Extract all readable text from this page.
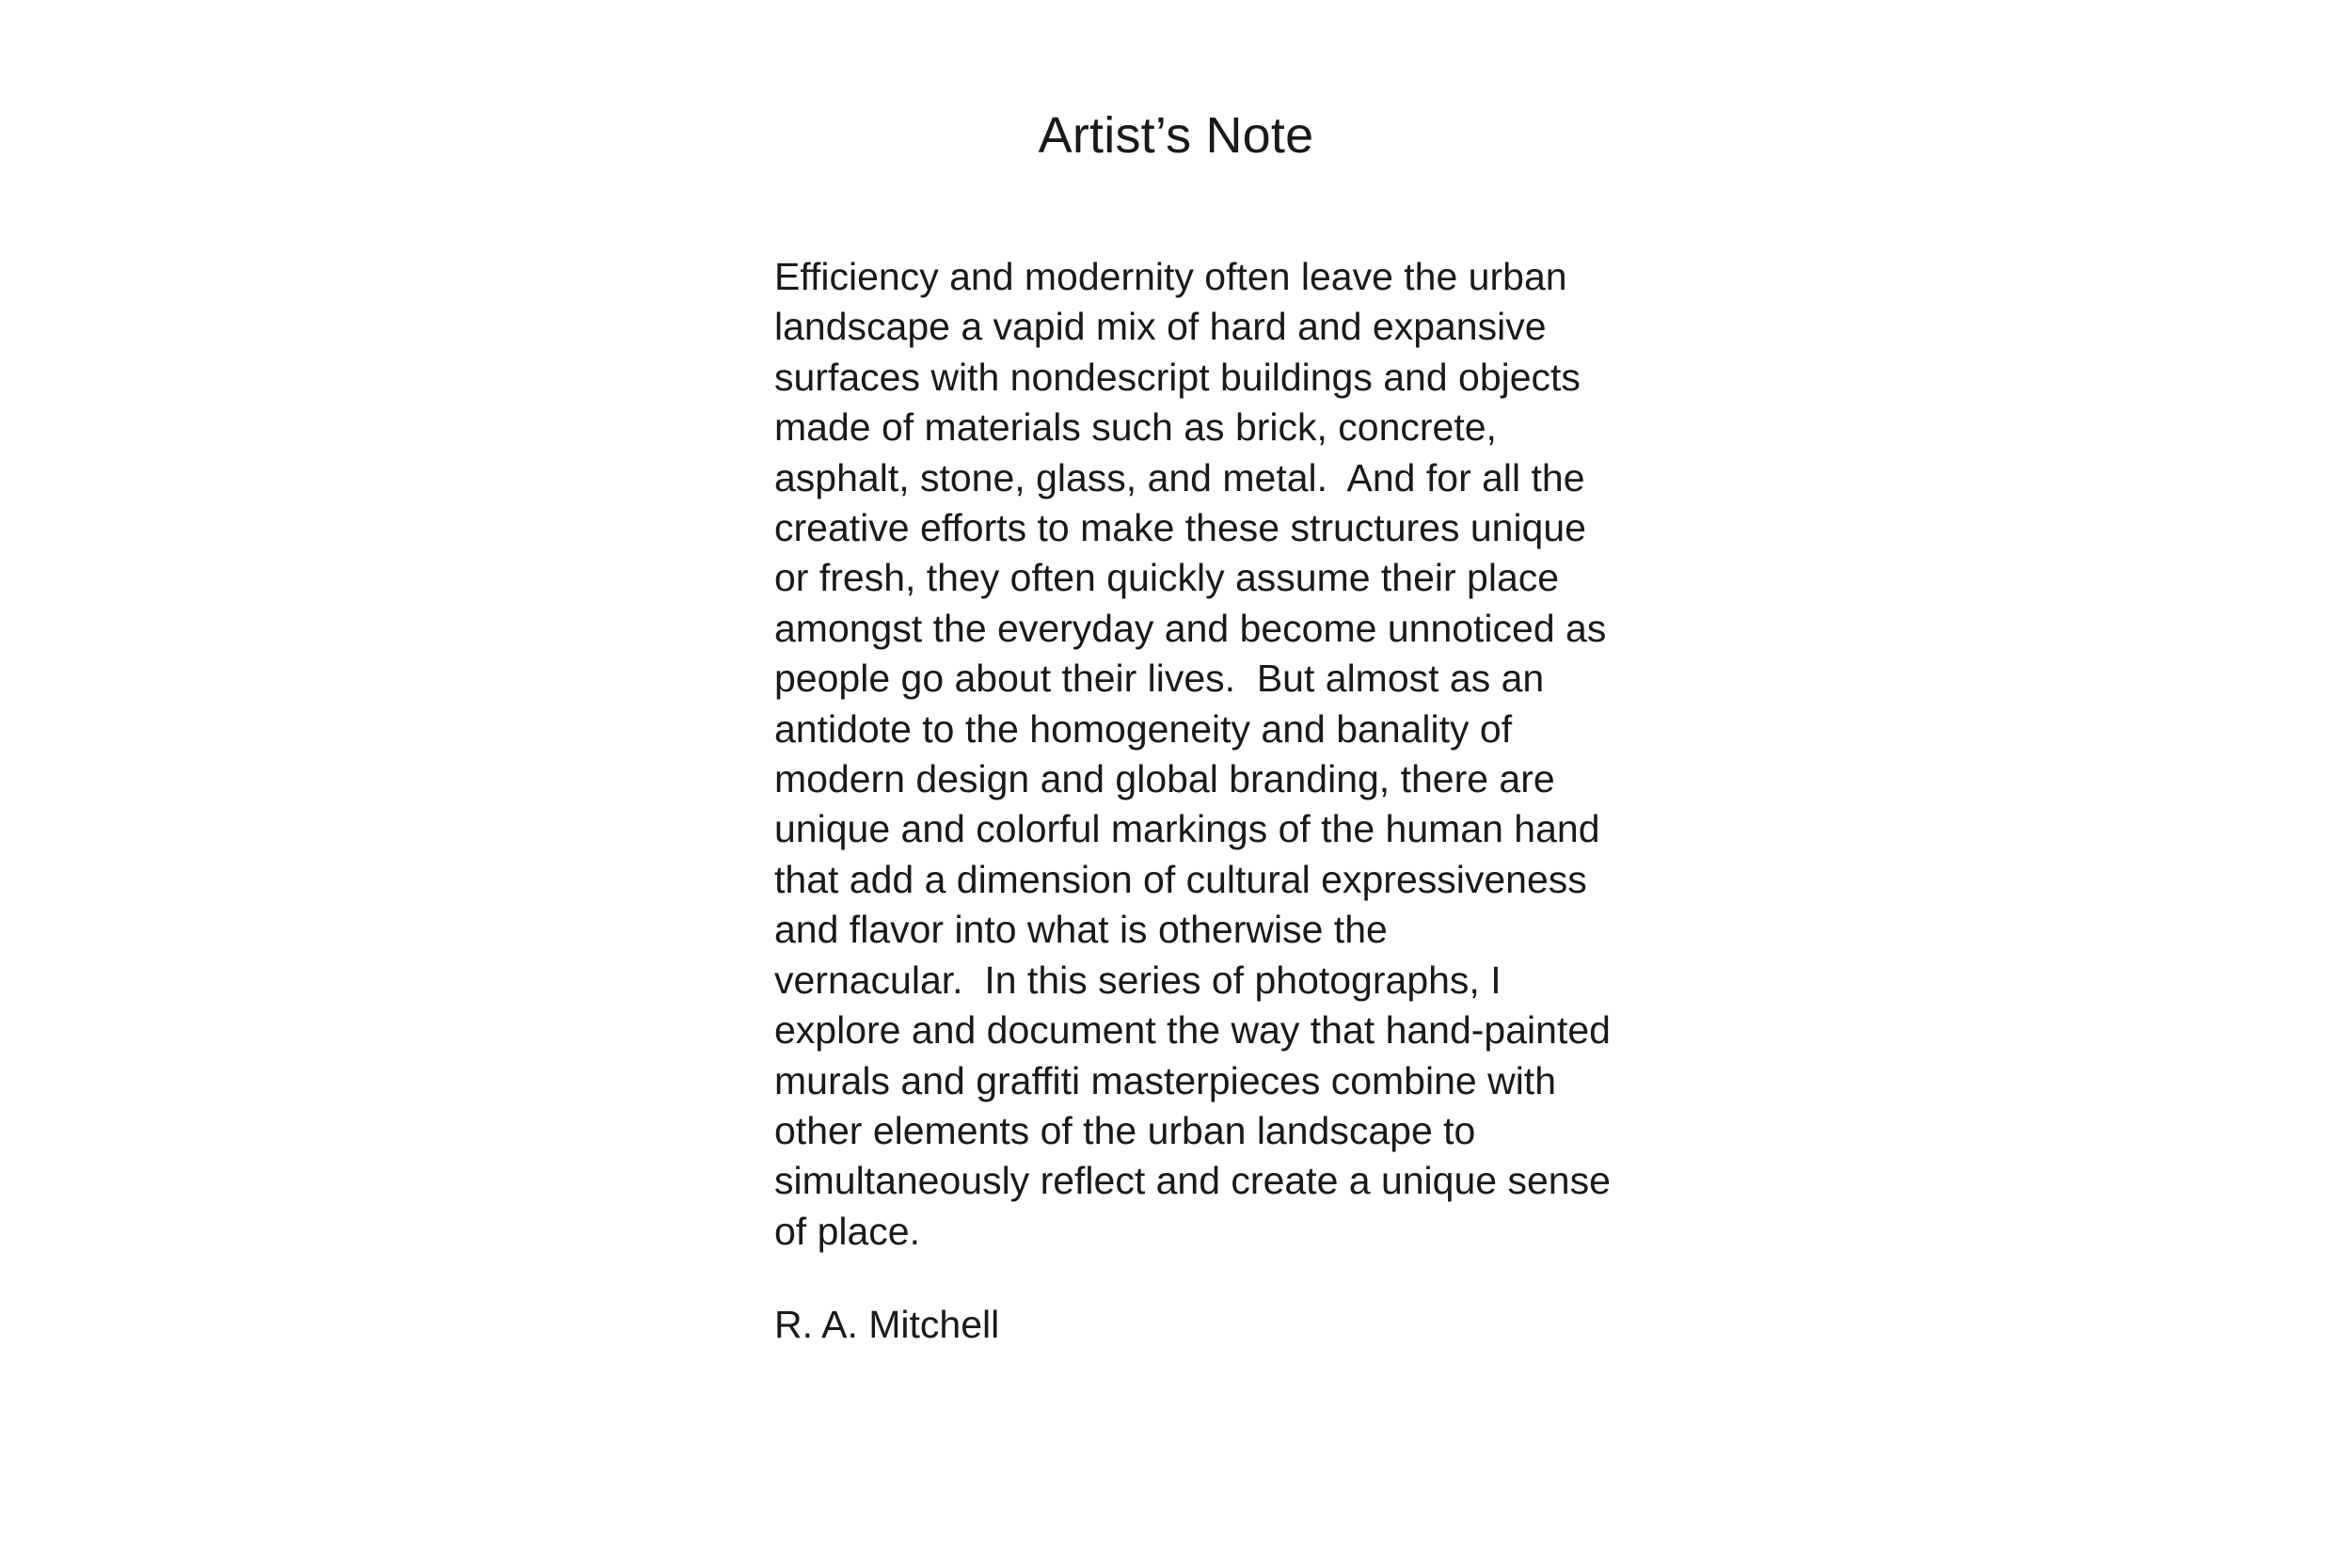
Artist’s Note
Efficiency and modernity often leave the urban
landscape a vapid mix of hard and expansive
surfaces with nondescript buildings and objects
made of materials such as brick, concrete,
asphalt, stone, glass, and metal.  And for all the
creative efforts to make these structures unique
or fresh, they often quickly assume their place
amongst the everyday and become unnoticed as
people go about their lives.  But almost as an
antidote to the homogeneity and banality of
modern design and global branding, there are
unique and colorful markings of the human hand
that add a dimension of cultural expressiveness
and flavor into what is otherwise the
vernacular.  In this series of photographs, I
explore and document the way that hand-painted
murals and graffiti masterpieces combine with
other elements of the urban landscape to
simultaneously reflect and create a unique sense
of place.

R. A. Mitchell
